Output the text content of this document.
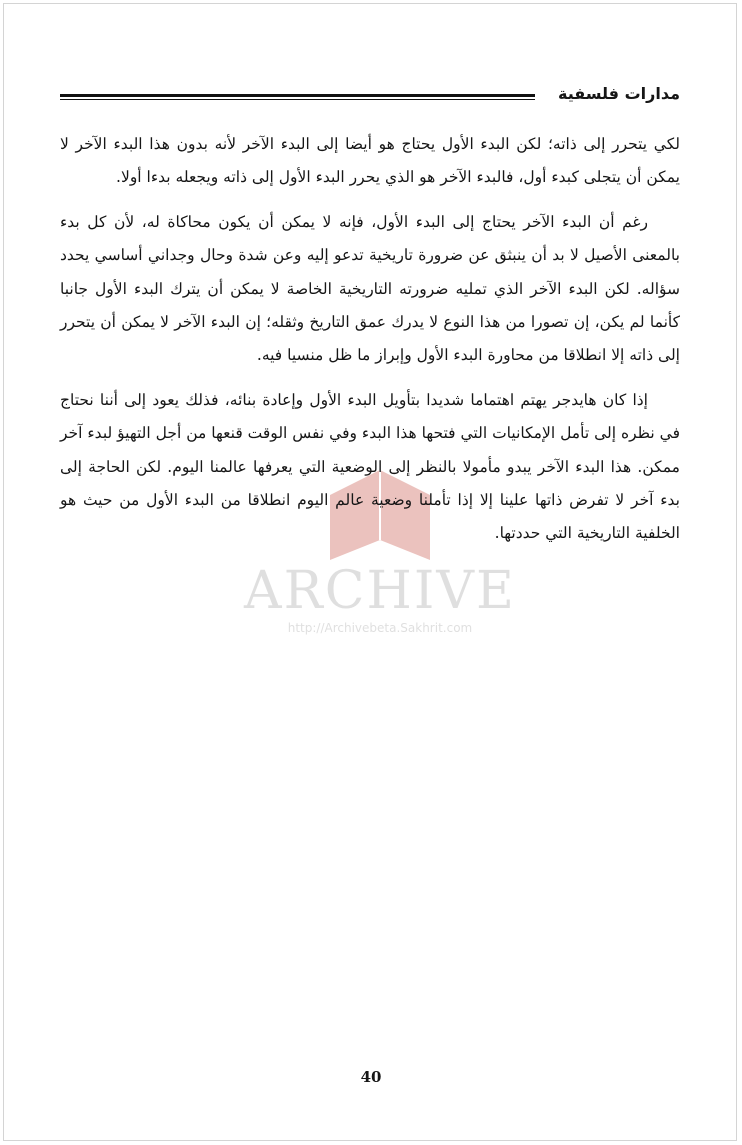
مدارات فلسفية
ARCHIVE
http://Archivebeta.Sakhrit.com

لكي يتحرر إلى ذاته؛ لكن البدء الأول يحتاج هو أيضا إلى البدء الآخر لأنه بدون هذا البدء الآخر لا يمكن أن يتجلى كبدء أول، فالبدء الآخر هو الذي يحرر البدء الأول إلى ذاته ويجعله بدءا أولا.

رغم أن البدء الآخر يحتاج إلى البدء الأول، فإنه لا يمكن أن يكون محاكاة له، لأن كل بدء بالمعنى الأصيل لا بد أن ينبثق عن ضرورة تاريخية تدعو إليه وعن شدة وحال وجداني أساسي يحدد سؤاله. لكن البدء الآخر الذي تمليه ضرورته التاريخية الخاصة لا يمكن أن يترك البدء الأول جانبا كأنما لم يكن، إن تصورا من هذا النوع لا يدرك عمق التاريخ وثقله؛ إن البدء الآخر لا يمكن أن يتحرر إلى ذاته إلا انطلاقا من محاورة البدء الأول وإبراز ما ظل منسيا فيه.

إذا كان هايدجر يهتم اهتماما شديدا بتأويل البدء الأول وإعادة بنائه، فذلك يعود إلى أننا نحتاج في نظره إلى تأمل الإمكانيات التي فتحها هذا البدء وفي نفس الوقت قنعها من أجل التهيؤ لبدء آخر ممكن. هذا البدء الآخر يبدو مأمولا بالنظر إلى الوضعية التي يعرفها عالمنا اليوم. لكن الحاجة إلى بدء آخر لا تفرض ذاتها علينا إلا إذا تأملنا وضعية عالم اليوم انطلاقا من البدء الأول من حيث هو الخلفية التاريخية التي حددتها.

40
